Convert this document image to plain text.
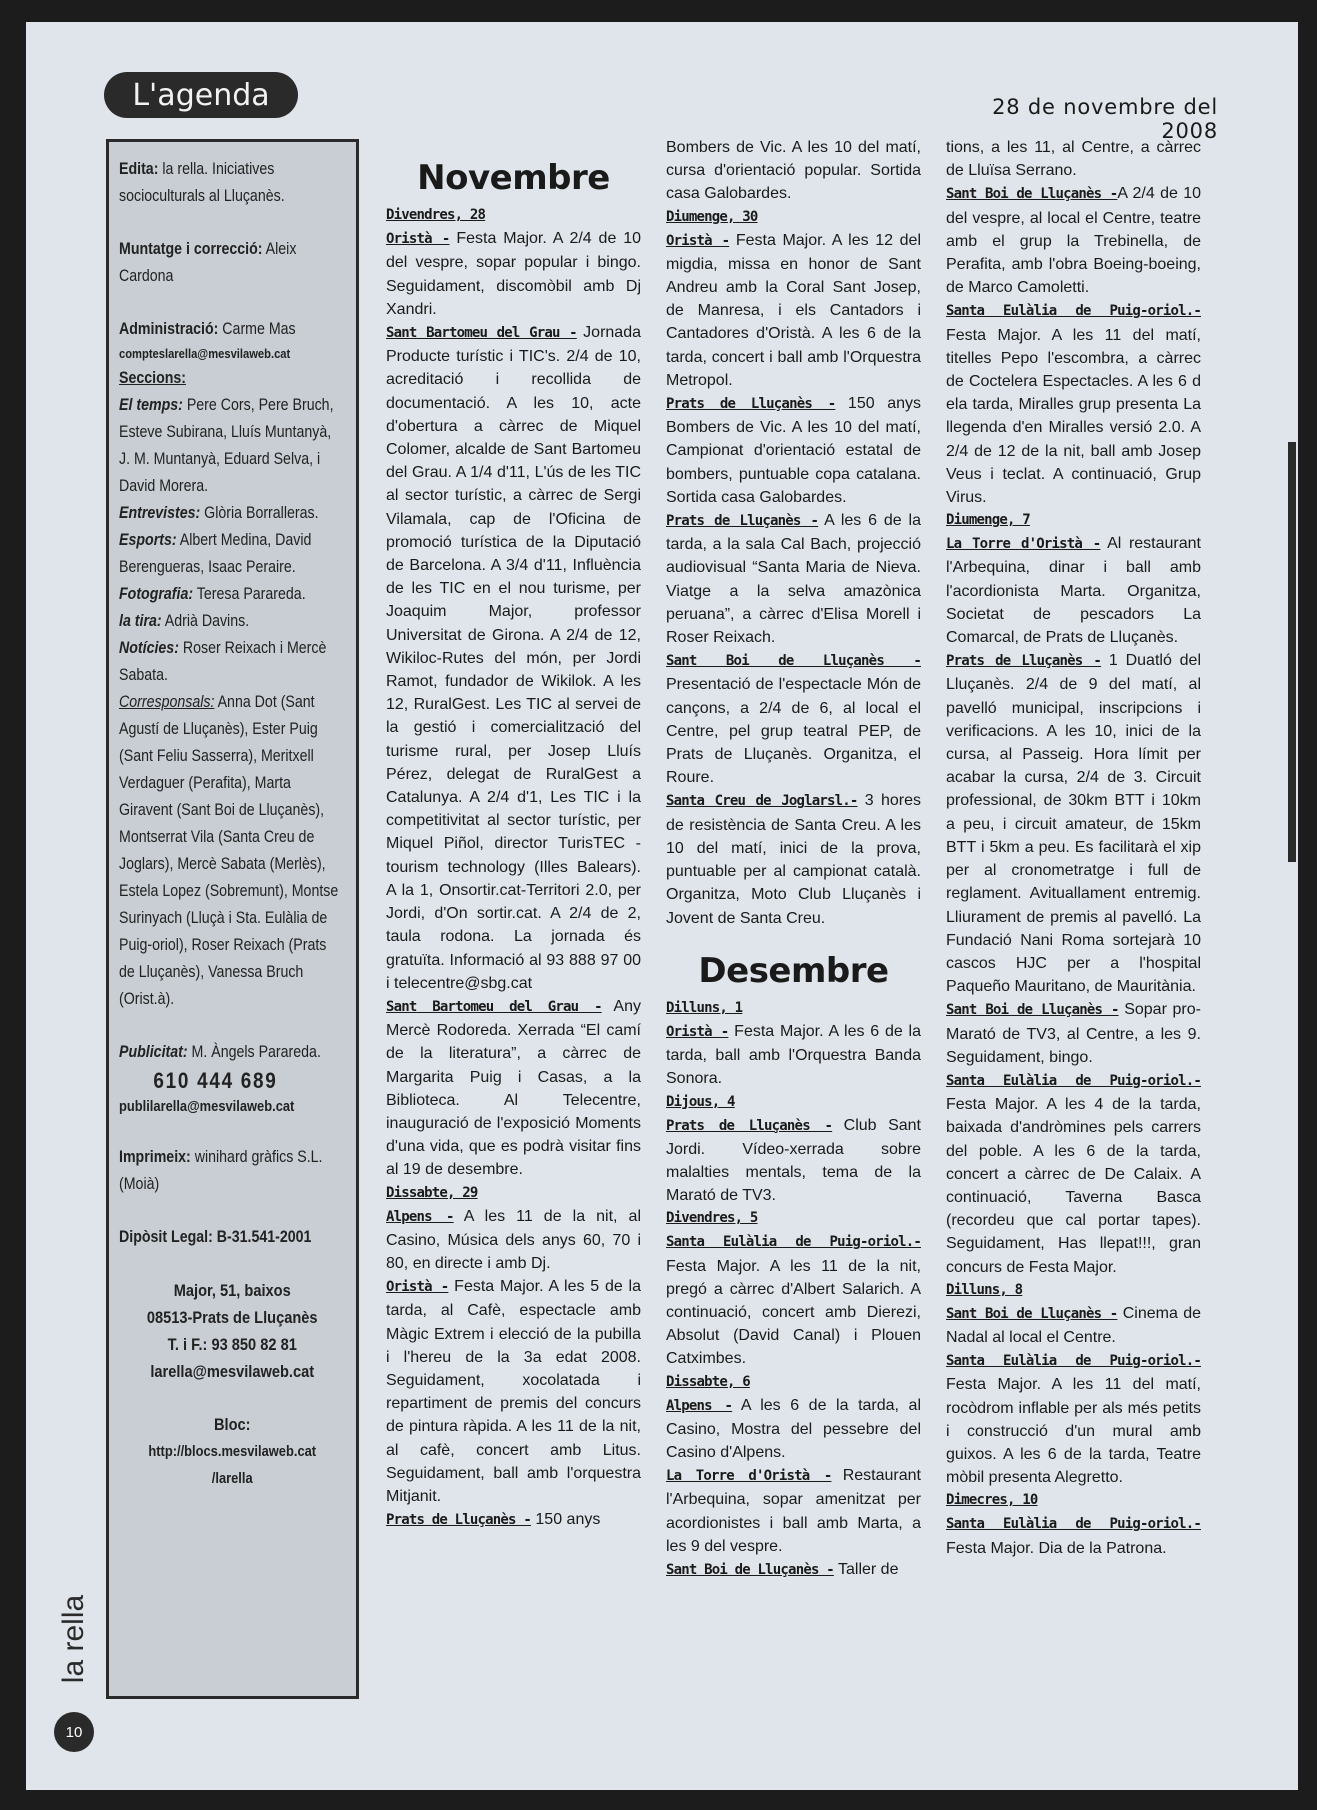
L'agenda	28 de novembre del 2008
Edita: la rella. Iniciatives socioculturals al Lluçanès.
Muntatge i correcció: Aleix Cardona
Administració: Carme Mas
compteslarella@mesvilaweb.cat
Seccions:
El temps: Pere Cors, Pere Bruch, Esteve Subirana, Lluís Muntanyà, J. M. Muntanyà, Eduard Selva, i David Morera.
Entrevistes: Glòria Borralleras.
Esports: Albert Medina, David Berengueras, Isaac Peraire.
Fotografia: Teresa Parareda.
la tira: Adrià Davins.
Notícies: Roser Reixach i Mercè Sabata.
Corresponsals: Anna Dot (Sant Agustí de Lluçanès), Ester Puig (Sant Feliu Sasserra), Meritxell Verdaguer (Perafita), Marta Giravent (Sant Boi de Lluçanès), Montserrat Vila (Santa Creu de Joglars), Mercè Sabata (Merlès), Estela Lopez (Sobremunt), Montse Surinyach (Lluçà i Sta. Eulàlia de Puig-oriol), Roser Reixach (Prats de Lluçanès), Vanessa Bruch (Orist.à).
Publicitat: M. Àngels Parareda.
610 444 689
publilarella@mesvilaweb.cat
Imprimeix: winihard gràfics S.L. (Moià)
Dipòsit Legal: B-31.541-2001
Major, 51, baixos
08513-Prats de Lluçanès
T. i F.: 93 850 82 81
larella@mesvilaweb.cat
Bloc:
http://blocs.mesvilaweb.cat
/larella
la rella
10
Novembre
Divendres, 28

Oristà - Festa Major. A 2/4 de 10 del vespre, sopar popular i bingo. Seguidament, discomòbil amb Dj Xandri.

Sant Bartomeu del Grau - Jornada Producte turístic i TIC's. 2/4 de 10, acreditació i recollida de documentació. A les 10, acte d'obertura a càrrec de Miquel Colomer, alcalde de Sant Bartomeu del Grau. A 1/4 d'11, L'ús de les TIC al sector turístic, a càrrec de Sergi Vilamala, cap de l'Oficina de promoció turística de la Diputació de Barcelona. A 3/4 d'11, Influència de les TIC en el nou turisme, per Joaquim Major, professor Universitat de Girona. A 2/4 de 12, Wikiloc-Rutes del món, per Jordi Ramot, fundador de Wikilok. A les 12, RuralGest. Les TIC al servei de la gestió i comercialització del turisme rural, per Josep Lluís Pérez, delegat de RuralGest a Catalunya. A 2/4 d'1, Les TIC i la competitivitat al sector turístic, per Miquel Piñol, director TurisTEC -tourism technology (Illes Balears). A la 1, Onsortir.cat-Territori 2.0, per Jordi, d'On sortir.cat. A 2/4 de 2, taula rodona. La jornada és gratuïta. Informació al 93 888 97 00 i telecentre@sbg.cat

Sant Bartomeu del Grau - Any Mercè Rodoreda. Xerrada “El camí de la literatura”, a càrrec de Margarita Puig i Casas, a la Biblioteca. Al Telecentre, inauguració de l'exposició Moments d'una vida, que es podrà visitar fins al 19 de desembre.

Dissabte, 29

Alpens - A les 11 de la nit, al Casino, Música dels anys 60, 70 i 80, en directe i amb Dj.

Oristà - Festa Major. A les 5 de la tarda, al Cafè, espectacle amb Màgic Extrem i elecció de la pubilla i l'hereu de la 3a edat 2008. Seguidament, xocolatada i repartiment de premis del concurs de pintura ràpida. A les 11 de la nit, al cafè, concert amb Litus. Seguidament, ball amb l'orquestra Mitjanit.

Prats de Lluçanès - 150 anys

Bombers de Vic. A les 10 del matí, cursa d'orientació popular. Sortida casa Galobardes.

Diumenge, 30

Oristà - Festa Major. A les 12 del migdia, missa en honor de Sant Andreu amb la Coral Sant Josep, de Manresa, i els Cantadors i Cantadores d'Oristà. A les 6 de la tarda, concert i ball amb l'Orquestra Metropol.

Prats de Lluçanès - 150 anys Bombers de Vic. A les 10 del matí, Campionat d'orientació estatal de bombers, puntuable copa catalana. Sortida casa Galobardes.

Prats de Lluçanès - A les 6 de la tarda, a la sala Cal Bach, projecció audiovisual “Santa Maria de Nieva. Viatge a la selva amazònica peruana”, a càrrec d'Elisa Morell i Roser Reixach.

Sant Boi de Lluçanès - Presentació de l'espectacle Món de cançons, a 2/4 de 6, al local el Centre, pel grup teatral PEP, de Prats de Lluçanès. Organitza, el Roure.

Santa Creu de Joglarsl.- 3 hores de resistència de Santa Creu. A les 10 del matí, inici de la prova, puntuable per al campionat català. Organitza, Moto Club Lluçanès i Jovent de Santa Creu.

Desembre
Dilluns, 1

Oristà - Festa Major. A les 6 de la tarda, ball amb l'Orquestra Banda Sonora.

Dijous, 4

Prats de Lluçanès - Club Sant Jordi. Vídeo-xerrada sobre malalties mentals, tema de la Marató de TV3.

Divendres, 5

Santa Eulàlia de Puig-oriol.- Festa Major. A les 11 de la nit, pregó a càrrec d'Albert Salarich. A continuació, concert amb Dierezi, Absolut (David Canal) i Plouen Catximbes.

Dissabte, 6

Alpens - A les 6 de la tarda, al Casino, Mostra del pessebre del Casino d'Alpens.

La Torre d'Oristà - Restaurant l'Arbequina, sopar amenitzat per acordionistes i ball amb Marta, a les 9 del vespre.

Sant Boi de Lluçanès - Taller de

tions, a les 11, al Centre, a càrrec de Lluïsa Serrano.

Sant Boi de Lluçanès -A 2/4 de 10 del vespre, al local el Centre, teatre amb el grup la Trebinella, de Perafita, amb l'obra Boeing-boeing, de Marco Camoletti.

Santa Eulàlia de Puig-oriol.- Festa Major. A les 11 del matí, titelles Pepo l'escombra, a càrrec de Coctelera Espectacles. A les 6 d ela tarda, Miralles grup presenta La llegenda d'en Miralles versió 2.0. A 2/4 de 12 de la nit, ball amb Josep Veus i teclat. A continuació, Grup Virus.

Diumenge, 7

La Torre d'Oristà - Al restaurant l'Arbequina, dinar i ball amb l'acordionista Marta. Organitza, Societat de pescadors La Comarcal, de Prats de Lluçanès.

Prats de Lluçanès - 1 Duatló del Lluçanès. 2/4 de 9 del matí, al pavelló municipal, inscripcions i verificacions. A les 10, inici de la cursa, al Passeig. Hora límit per acabar la cursa, 2/4 de 3. Circuit professional, de 30km BTT i 10km a peu, i circuit amateur, de 15km BTT i 5km a peu. Es facilitarà el xip per al cronometratge i full de reglament. Avituallament entremig. Lliurament de premis al pavelló. La Fundació Nani Roma sortejarà 10 cascos HJC per a l'hospital Paqueño Mauritano, de Mauritània.

Sant Boi de Lluçanès - Sopar pro-Marató de TV3, al Centre, a les 9. Seguidament, bingo.

Santa Eulàlia de Puig-oriol.- Festa Major. A les 4 de la tarda, baixada d'andròmines pels carrers del poble. A les 6 de la tarda, concert a càrrec de De Calaix. A continuació, Taverna Basca (recordeu que cal portar tapes). Seguidament, Has llepat!!!, gran concurs de Festa Major.

Dilluns, 8

Sant Boi de Lluçanès - Cinema de Nadal al local el Centre.

Santa Eulàlia de Puig-oriol.- Festa Major. A les 11 del matí, rocòdrom inflable per als més petits i construcció d'un mural amb guixos. A les 6 de la tarda, Teatre mòbil presenta Alegretto.

Dimecres, 10

Santa Eulàlia de Puig-oriol.- Festa Major. Dia de la Patrona.
